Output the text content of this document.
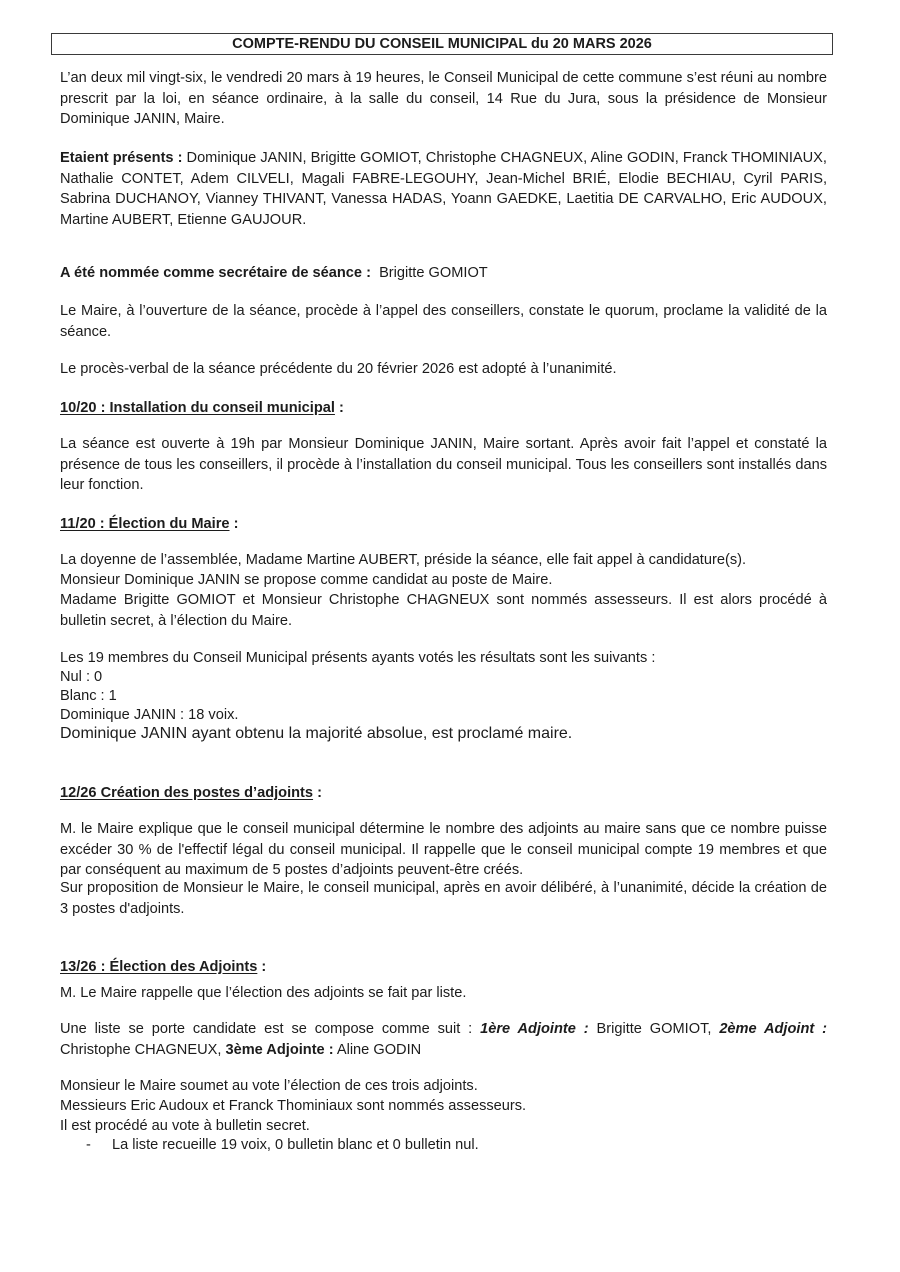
COMPTE-RENDU DU CONSEIL MUNICIPAL du 20 MARS 2026

L’an deux mil vingt-six, le vendredi 20 mars à 19 heures, le Conseil Municipal de cette commune s’est réuni au nombre prescrit par la loi, en séance ordinaire, à la salle du conseil, 14 Rue du Jura, sous la présidence de Monsieur Dominique JANIN, Maire.

Etaient présents : Dominique JANIN, Brigitte GOMIOT, Christophe CHAGNEUX, Aline GODIN, Franck THOMINIAUX, Nathalie CONTET, Adem CILVELI, Magali FABRE-LEGOUHY, Jean-Michel BRIÉ, Elodie BECHIAU, Cyril PARIS, Sabrina DUCHANOY, Vianney THIVANT, Vanessa HADAS, Yoann GAEDKE, Laetitia DE CARVALHO, Eric AUDOUX, Martine AUBERT, Etienne GAUJOUR.

A été nommée comme secrétaire de séance : Brigitte GOMIOT

Le Maire, à l’ouverture de la séance, procède à l’appel des conseillers, constate le quorum, proclame la validité de la séance.

Le procès-verbal de la séance précédente du 20 février 2026 est adopté à l’unanimité.

10/20 : Installation du conseil municipal :

La séance est ouverte à 19h par Monsieur Dominique JANIN, Maire sortant. Après avoir fait l’appel et constaté la présence de tous les conseillers, il procède à l’installation du conseil municipal. Tous les conseillers sont installés dans leur fonction.

11/20 : Élection du Maire :

La doyenne de l’assemblée, Madame Martine AUBERT, préside la séance, elle fait appel à candidature(s).

Monsieur Dominique JANIN se propose comme candidat au poste de Maire.

Madame Brigitte GOMIOT et Monsieur Christophe CHAGNEUX sont nommés assesseurs. Il est alors procédé à bulletin secret, à l’élection du Maire.

Les 19 membres du Conseil Municipal présents ayants votés les résultats sont les suivants :

Nul : 0

Blanc : 1

Dominique JANIN : 18 voix.

Dominique JANIN ayant obtenu la majorité absolue, est proclamé maire.

12/26 Création des postes d’adjoints :

M. le Maire explique que le conseil municipal détermine le nombre des adjoints au maire sans que ce nombre puisse excéder 30 % de l'effectif légal du conseil municipal. Il rappelle que le conseil municipal compte 19 membres et que par conséquent au maximum de 5 postes d’adjoints peuvent-être créés.

Sur proposition de Monsieur le Maire, le conseil municipal, après en avoir délibéré, à l’unanimité, décide la création de 3 postes d'adjoints.

13/26 : Élection des Adjoints :

M. Le Maire rappelle que l’élection des adjoints se fait par liste.

Une liste se porte candidate est se compose comme suit : 1ère Adjointe : Brigitte GOMIOT, 2ème Adjoint : Christophe CHAGNEUX, 3ème Adjointe : Aline GODIN

Monsieur le Maire soumet au vote l’élection de ces trois adjoints.

Messieurs Eric Audoux et Franck Thominiaux sont nommés assesseurs.

Il est procédé au vote à bulletin secret.

- La liste recueille 19 voix, 0 bulletin blanc et 0 bulletin nul.
